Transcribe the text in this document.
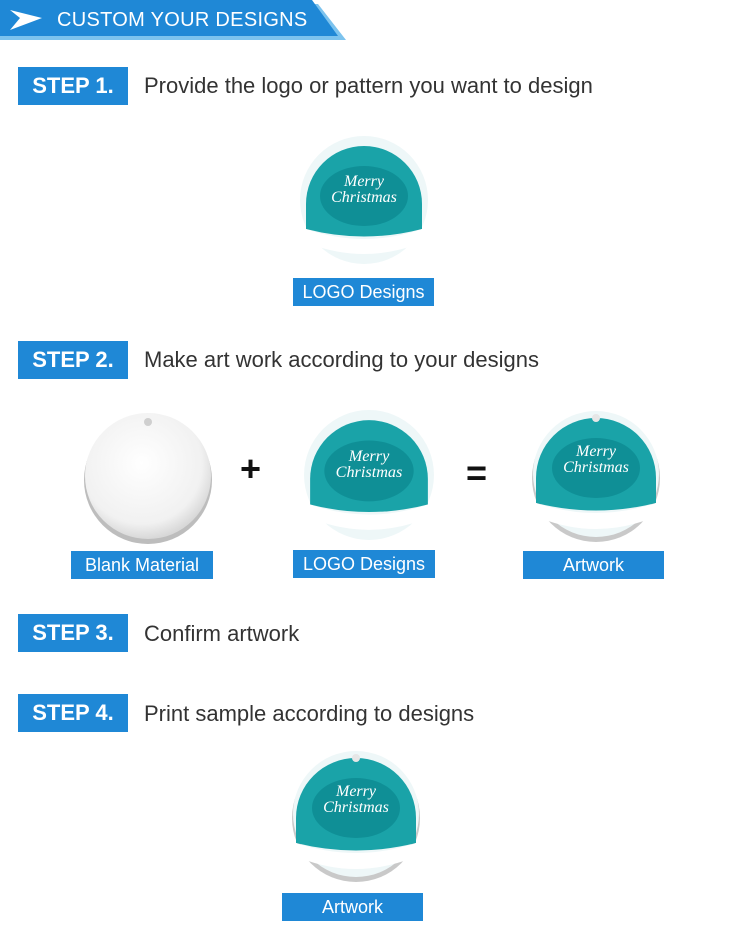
CUSTOM YOUR DESIGNS
STEP 1.	Provide the logo or pattern you want to design
Merry
Christmas
LOGO Designs
STEP 2.	Make art work according to your designs
+	Merry
Christmas =
Merry
Christmas
Blank Material	LOGO Designs	Artwork
STEP 3.	Confirm artwork
STEP 4.	Print sample according to designs
Merry
Christmas
Artwork
